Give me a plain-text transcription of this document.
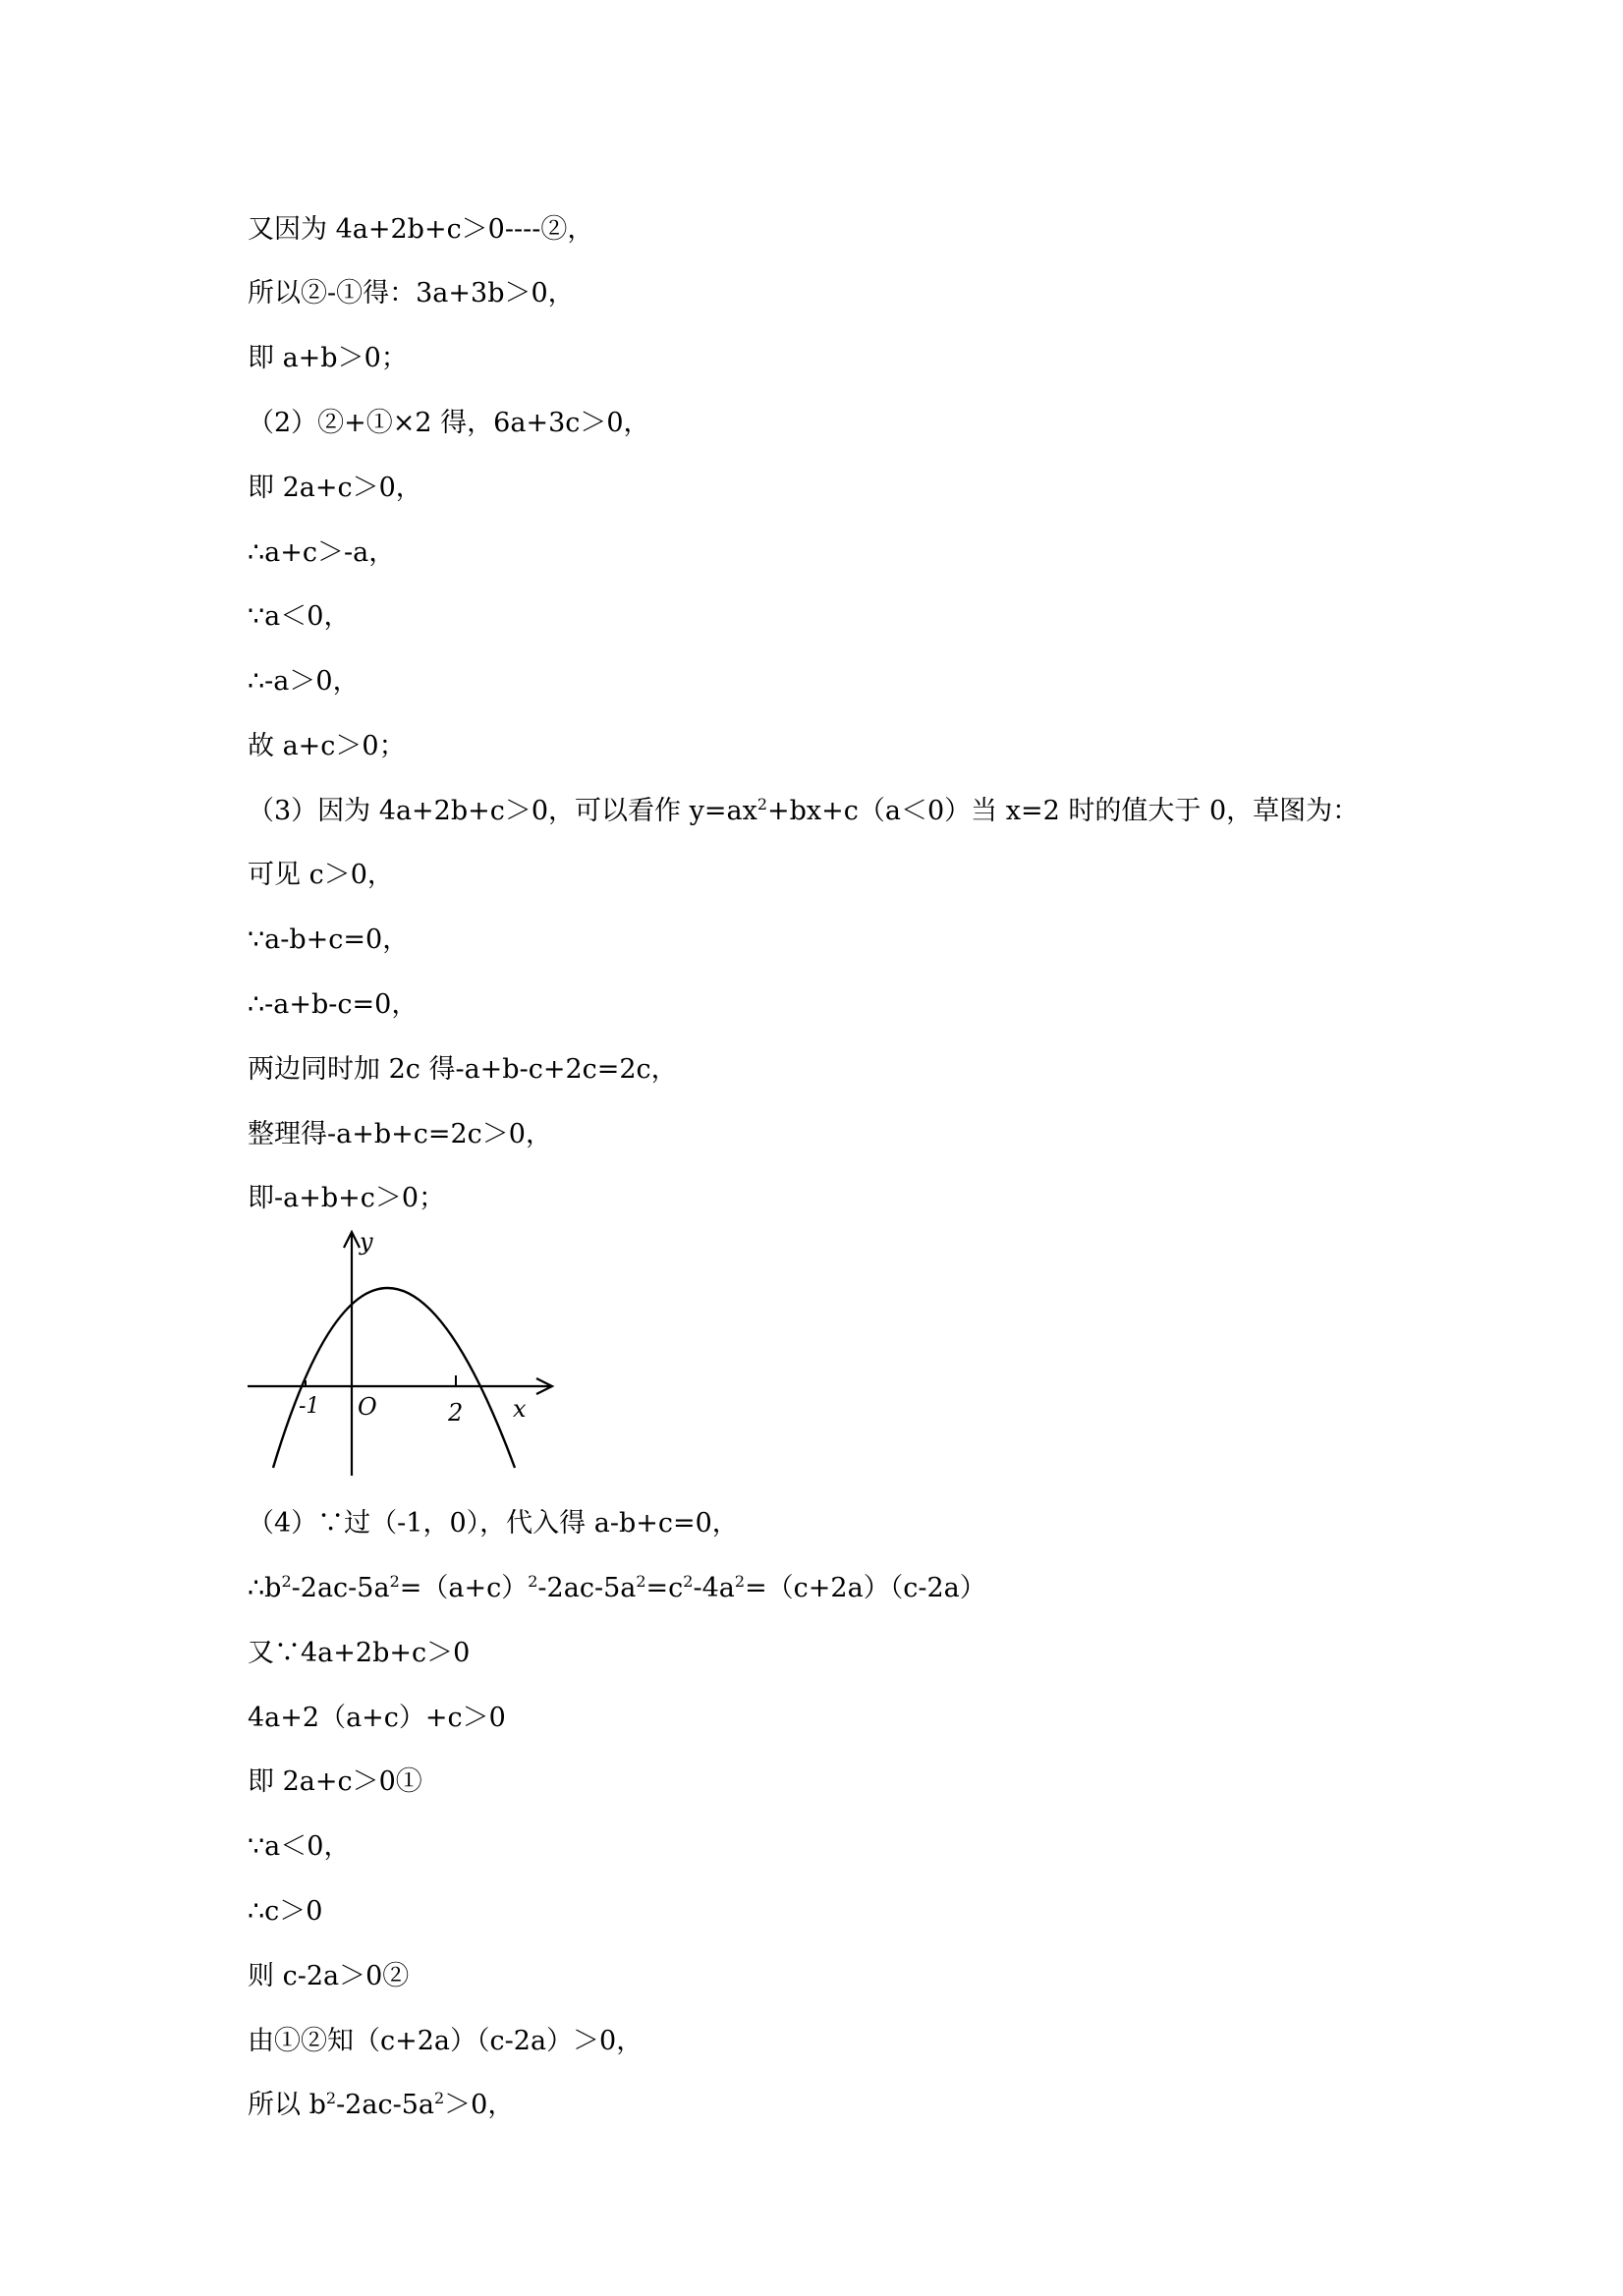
又因为 4a+2b+c＞0----②，
所以②-①得：3a+3b＞0，
即 a+b＞0；
（2）②+①×2 得，6a+3c＞0，
即 2a+c＞0，
∴a+c＞-a，
∵a＜0，
∴-a＞0，
故 a+c＞0；
（3）因为 4a+2b+c＞0，可以看作 $y=ax^2+bx+c(a<0)$当 x=2 时的值大于 0，草图为：
可见 c＞0，
∵a-b+c=0，
∴-a+b-c=0，
两边同时加 2c 得-a+b-c+2c=2c，
整理得-a+b+c=2c＞0，
即-a+b+c＞0；
y
x
O
-1	2
（4）∵过（-1，0），代入得 a-b+c=0，
$\therefore b^2-2ac-5a^2=(a+c)^2-2ac-5a^2=c^2-4a^2=(c+2a)(c-2a)$
又∵4a+2b+c＞0
4a+2（a+c）+c＞0
即 2a+c＞0①
∵a＜0，
∴c＞0
则 c-2a＞0②
由①②知（c+2a）（c-2a）＞0，
所以 $b^2-2ac-5a^2>0$，
